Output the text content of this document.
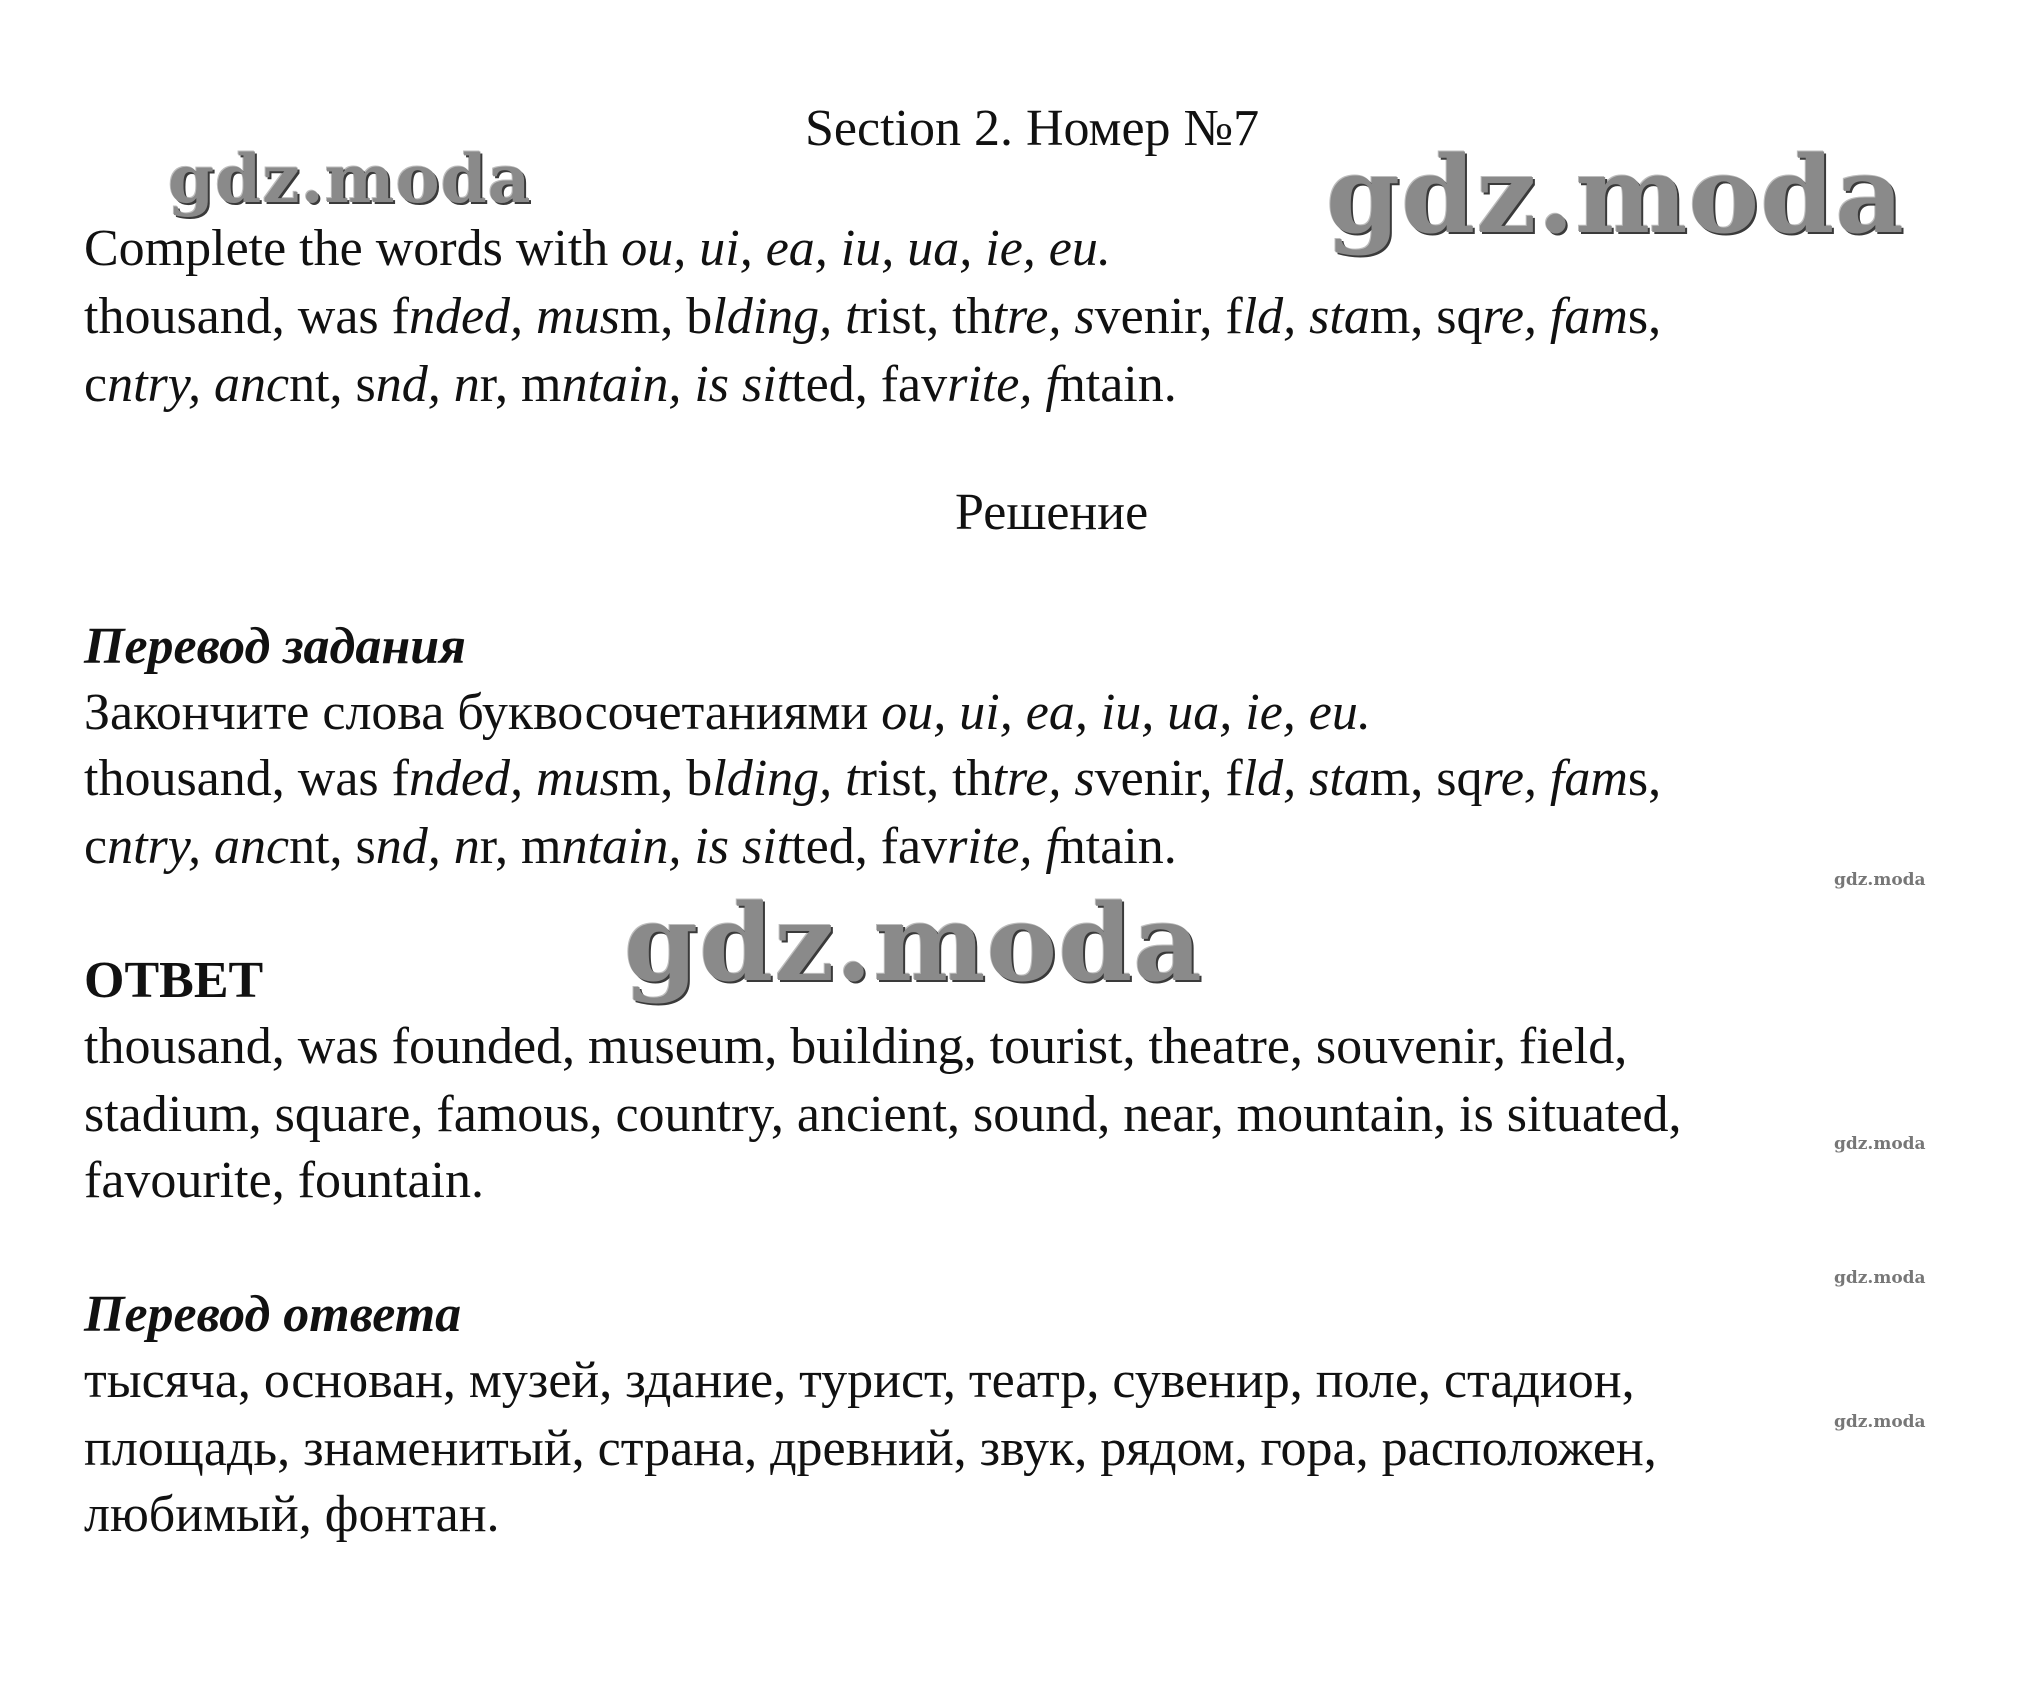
Section 2. Номер №7
Complete the words with ou, ui, ea, iu, ua, ie, eu.
thousand, was fnded, musm, blding, trist, thtre, svenir, fld, stam, sqre, fams,
cntry, ancnt, snd, nr, mntain, is sitted, favrite, fntain.
Решение
Перевод задания
Закончите слова буквосочетаниями ou, ui, ea, iu, ua, ie, eu.
thousand, was fnded, musm, blding, trist, thtre, svenir, fld, stam, sqre, fams,
cntry, ancnt, snd, nr, mntain, is sitted, favrite, fntain.
ОТВЕТ
thousand, was founded, museum, building, tourist, theatre, souvenir, field,
stadium, square, famous, country, ancient, sound, near, mountain, is situated,
favourite, fountain.
Перевод ответа
тысяча, основан, музей, здание, турист, театр, сувенир, поле, стадион,
площадь, знаменитый, страна, древний, звук, рядом, гора, расположен,
любимый, фонтан.
gdz.moda	gdz.moda
gdz.moda	gdz.moda
gdz.moda
gdz.moda
gdz.moda
